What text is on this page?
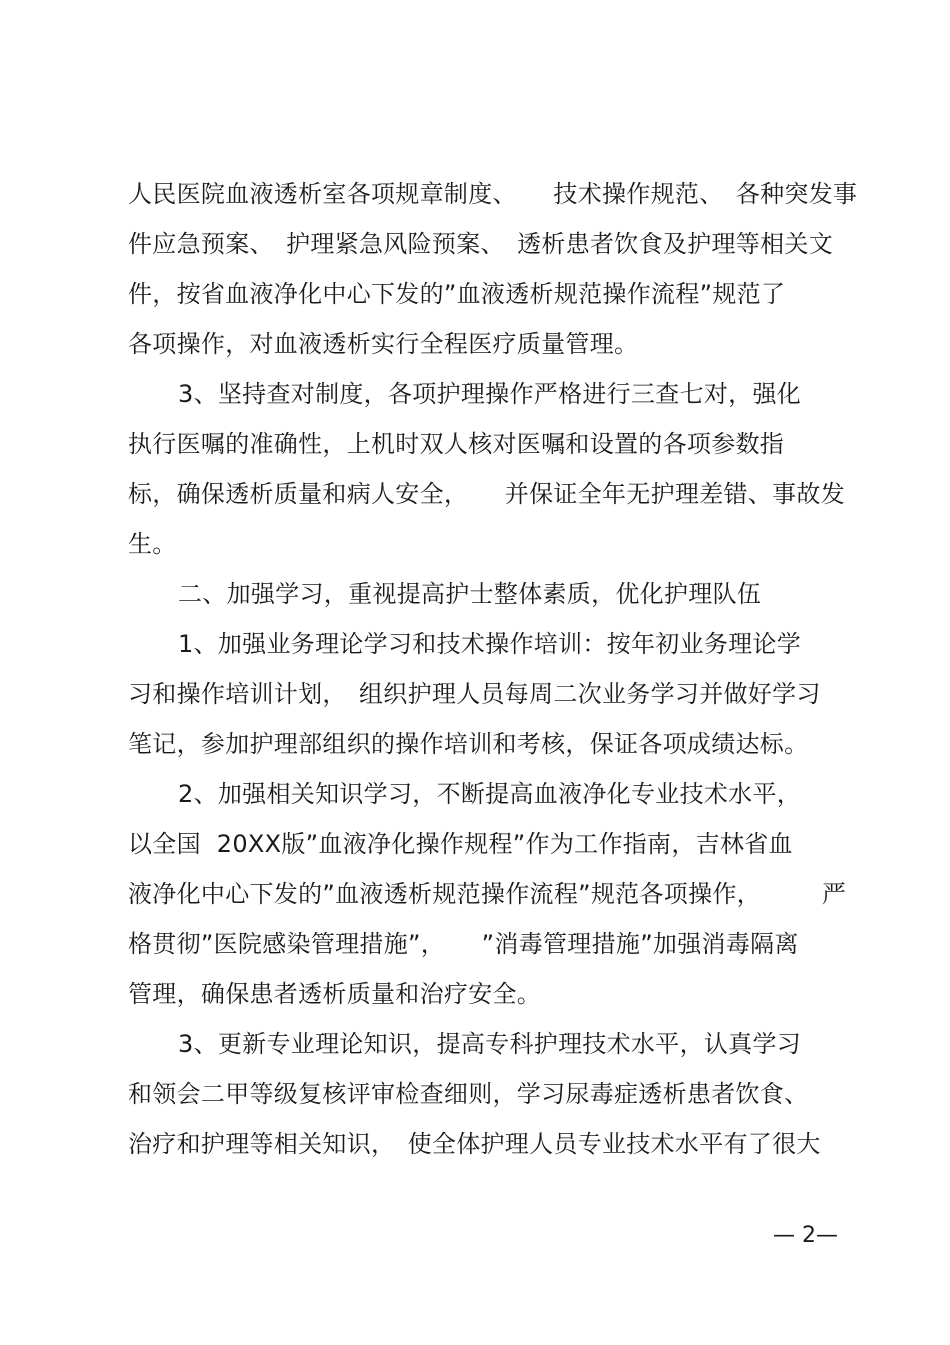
人民医院血液透析室各项规章制度、　　技术操作规范、　各种突发事

件应急预案、　护理紧急风险预案、　透析患者饮食及护理等相关文

件，按省血液净化中心下发的”血液透析规范操作流程”规范了

各项操作，对血液透析实行全程医疗质量管理。

3、坚持查对制度，各项护理操作严格进行三查七对，强化

执行医嘱的准确性，上机时双人核对医嘱和设置的各项参数指

标，确保透析质量和病人安全，　　并保证全年无护理差错、事故发

生。

二、加强学习，重视提高护士整体素质，优化护理队伍

1、加强业务理论学习和技术操作培训：按年初业务理论学

习和操作培训计划，　组织护理人员每周二次业务学习并做好学习

笔记，参加护理部组织的操作培训和考核，保证各项成绩达标。

2、加强相关知识学习，不断提高血液净化专业技术水平，

以全国  20XX版”血液净化操作规程”作为工作指南，吉林省血

液净化中心下发的”血液透析规范操作流程”规范各项操作，　　　严

格贯彻”医院感染管理措施”，　　”消毒管理措施”加强消毒隔离

管理，确保患者透析质量和治疗安全。

3、更新专业理论知识，提高专科护理技术水平，认真学习

和领会二甲等级复核评审检查细则，学习尿毒症透析患者饮食、

治疗和护理等相关知识，　使全体护理人员专业技术水平有了很大

— 2—
